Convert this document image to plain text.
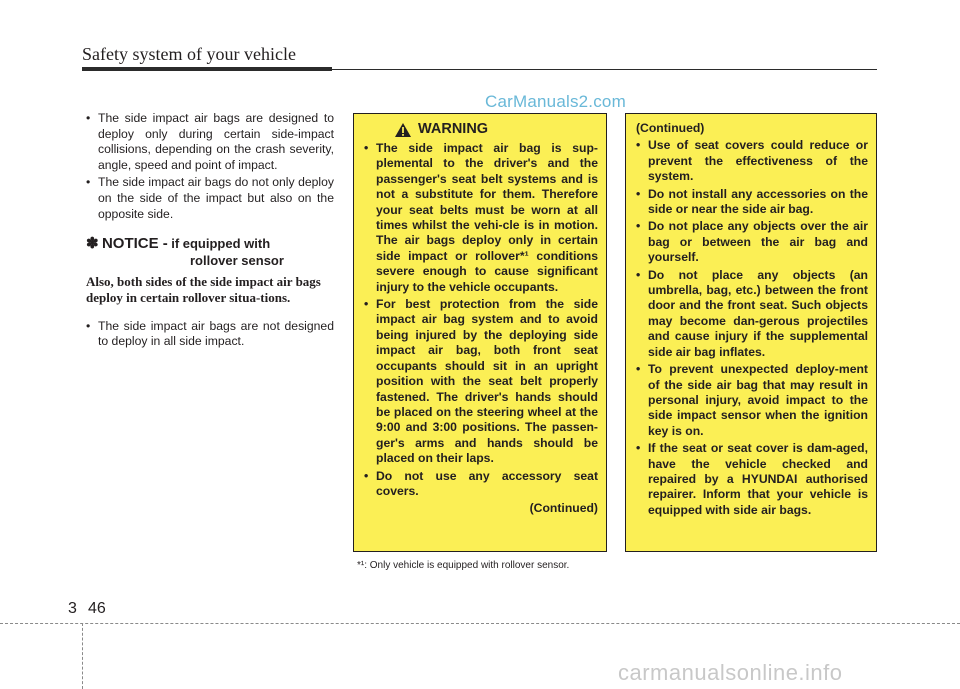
Safety system of your vehicle
CarManuals2.com
• The side impact air bags are designed to deploy only during certain side-impact collisions, depending on the crash severity, angle, speed and point of impact.
• The side impact air bags do not only deploy on the side of the impact but also on the opposite side.
✽ NOTICE - if equipped with
rollover sensor
Also, both sides of the side impact air bags deploy in certain rollover situa-tions.
• The side impact air bags are not designed to deploy in all side impact.
WARNING
• The side impact air bag is sup-plemental to the driver's and the passenger's seat belt systems and is not a substitute for them. Therefore your seat belts must be worn at all times whilst the vehi-cle is in motion. The air bags deploy only in certain side impact or rollover*¹ conditions severe enough to cause significant injury to the vehicle occupants.
• For best protection from the side impact air bag system and to avoid being injured by the deploying side impact air bag, both front seat occupants should sit in an upright position with the seat belt properly fastened. The driver's hands should be placed on the steering wheel at the 9:00 and 3:00 positions. The passen-ger's arms and hands should be placed on their laps.
• Do not use any accessory seat covers.
(Continued)
(Continued)
• Use of seat covers could reduce or prevent the effectiveness of the system.
• Do not install any accessories on the side or near the side air bag.
• Do not place any objects over the air bag or between the air bag and yourself.
• Do not place any objects (an umbrella, bag, etc.) between the front door and the front seat. Such objects may become dan-gerous projectiles and cause injury if the supplemental side air bag inflates.
• To prevent unexpected deploy-ment of the side air bag that may result in personal injury, avoid impact to the side impact sensor when the ignition key is on.
• If the seat or seat cover is dam-aged, have the vehicle checked and repaired by a HYUNDAI authorised repairer. Inform that your vehicle is equipped with side air bags.
*¹: Only vehicle is equipped with rollover sensor.
3 46
carmanualsonline.info
